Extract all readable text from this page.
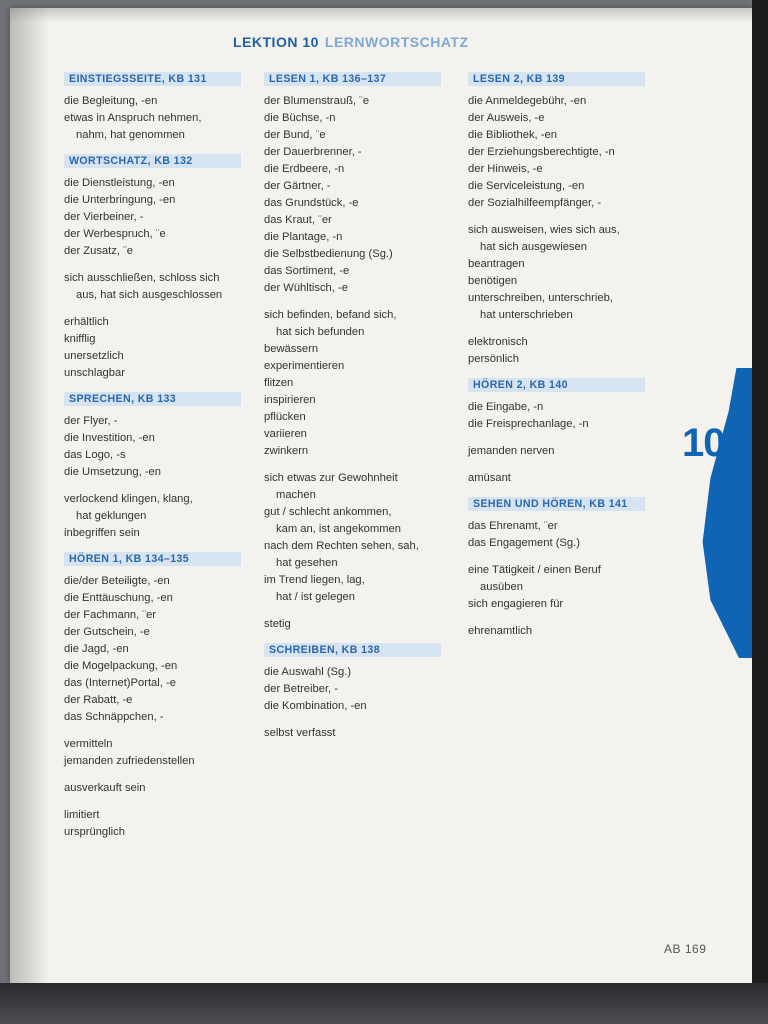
LEKTION 10 LERNWORTSCHATZ
EINSTIEGSSEITE, KB 131
die Begleitung, -en
etwas in Anspruch nehmen,
nahm, hat genommen
WORTSCHATZ, KB 132
die Dienstleistung, -en
die Unterbringung, -en
der Vierbeiner, -
der Werbespruch, ¨e
der Zusatz, ¨e
sich ausschließen, schloss sich
aus, hat sich ausgeschlossen
erhältlich
knifflig
unersetzlich
unschlagbar
SPRECHEN, KB 133
der Flyer, -
die Investition, -en
das Logo, -s
die Umsetzung, -en
verlockend klingen, klang,
hat geklungen
inbegriffen sein
HÖREN 1, KB 134–135
die/der Beteiligte, -en
die Enttäuschung, -en
der Fachmann, ¨er
der Gutschein, -e
die Jagd, -en
die Mogelpackung, -en
das (Internet)Portal, -e
der Rabatt, -e
das Schnäppchen, -
vermitteln
jemanden zufriedenstellen
ausverkauft sein
limitiert
ursprünglich
LESEN 1, KB 136–137
der Blumenstrauß, ¨e
die Büchse, -n
der Bund, ¨e
der Dauerbrenner, -
die Erdbeere, -n
der Gärtner, -
das Grundstück, -e
das Kraut, ¨er
die Plantage, -n
die Selbstbedienung (Sg.)
das Sortiment, -e
der Wühltisch, -e
sich befinden, befand sich,
hat sich befunden
bewässern
experimentieren
flitzen
inspirieren
pflücken
variieren
zwinkern
sich etwas zur Gewohnheit
machen
gut / schlecht ankommen,
kam an, ist angekommen
nach dem Rechten sehen, sah,
hat gesehen
im Trend liegen, lag,
hat / ist gelegen
stetig
SCHREIBEN, KB 138
die Auswahl (Sg.)
der Betreiber, -
die Kombination, -en
selbst verfasst
LESEN 2, KB 139
die Anmeldegebühr, -en
der Ausweis, -e
die Bibliothek, -en
der Erziehungsberechtigte, -n
der Hinweis, -e
die Serviceleistung, -en
der Sozialhilfeempfänger, -
sich ausweisen, wies sich aus,
hat sich ausgewiesen
beantragen
benötigen
unterschreiben, unterschrieb,
hat unterschrieben
elektronisch
persönlich
HÖREN 2, KB 140
die Eingabe, -n
die Freisprechanlage, -n
jemanden nerven
amüsant
SEHEN UND HÖREN, KB 141
das Ehrenamt, ¨er
das Engagement (Sg.)
eine Tätigkeit / einen Beruf
ausüben
sich engagieren für
ehrenamtlich
10
AB 169
